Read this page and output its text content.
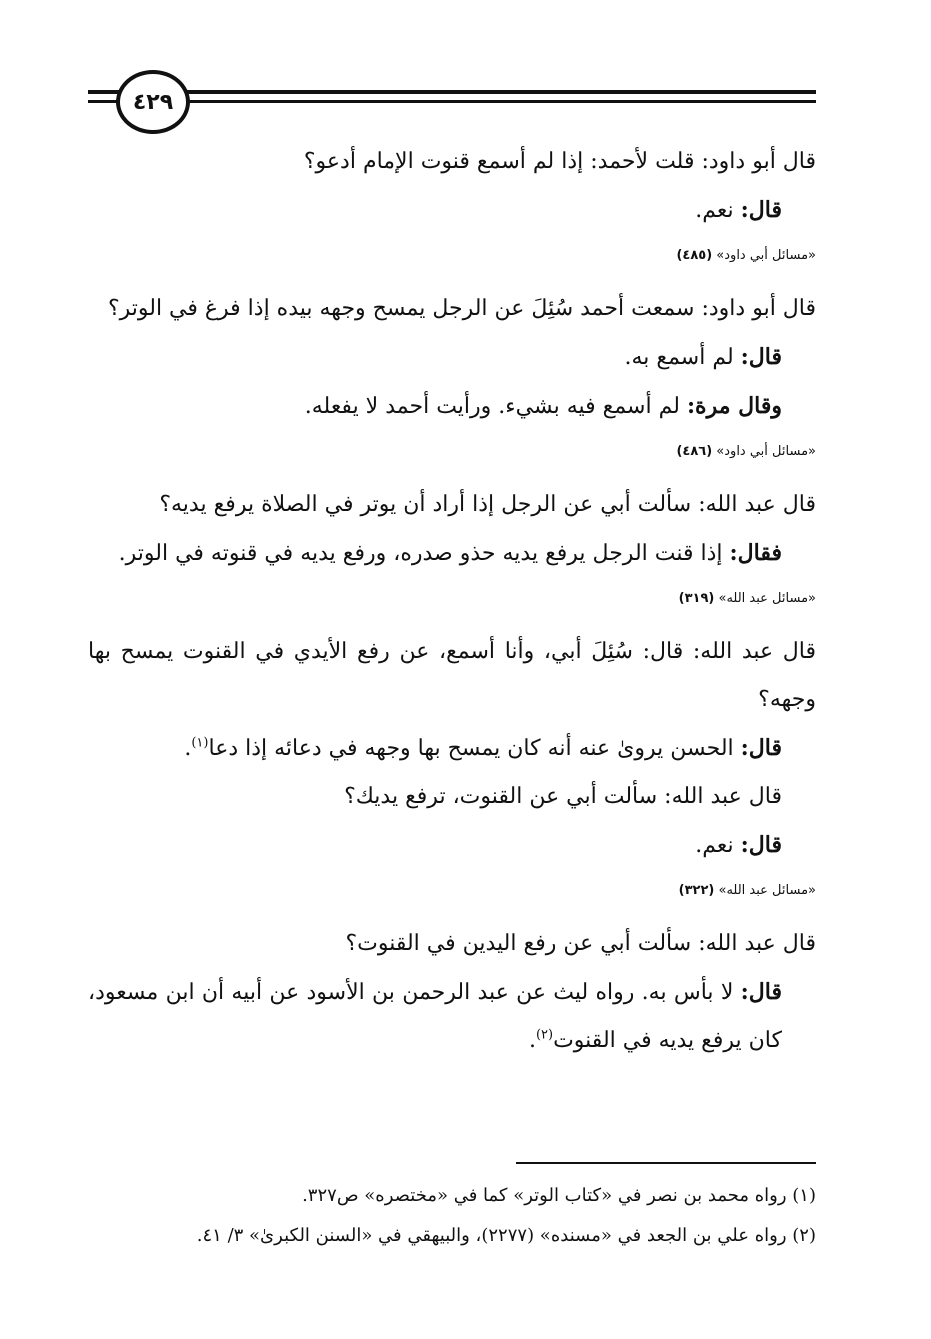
٤٢٩

قال أبو داود: قلت لأحمد: إذا لم أسمع قنوت الإمام أدعو؟

قال: نعم.

«مسائل أبي داود» (٤٨٥)

قال أبو داود: سمعت أحمد سُئِلَ عن الرجل يمسح وجهه بيده إذا فرغ في الوتر؟

قال: لم أسمع به.

وقال مرة: لم أسمع فيه بشيء. ورأيت أحمد لا يفعله.

«مسائل أبي داود» (٤٨٦)

قال عبد الله: سألت أبي عن الرجل إذا أراد أن يوتر في الصلاة يرفع يديه؟

فقال: إذا قنت الرجل يرفع يديه حذو صدره، ورفع يديه في قنوته في الوتر.

«مسائل عبد الله» (٣١٩)

قال عبد الله: قال: سُئِلَ أبي، وأنا أسمع، عن رفع الأيدي في القنوت يمسح بها وجهه؟

قال: الحسن يروىٰ عنه أنه كان يمسح بها وجهه في دعائه إذا دعا$^{(١)}$.

قال عبد الله: سألت أبي عن القنوت، ترفع يديك؟

قال: نعم.

«مسائل عبد الله» (٣٢٢)

قال عبد الله: سألت أبي عن رفع اليدين في القنوت؟

قال: لا بأس به. رواه ليث عن عبد الرحمن بن الأسود عن أبيه أن ابن مسعود، كان يرفع يديه في القنوت$^{(٢)}$.

(١) رواه محمد بن نصر في «كتاب الوتر» كما في «مختصره» ص٣٢٧.

(٢) رواه علي بن الجعد في «مسنده» (٢٢٧٧)، والبيهقي في «السنن الكبرىٰ» ٣/ ٤١.
